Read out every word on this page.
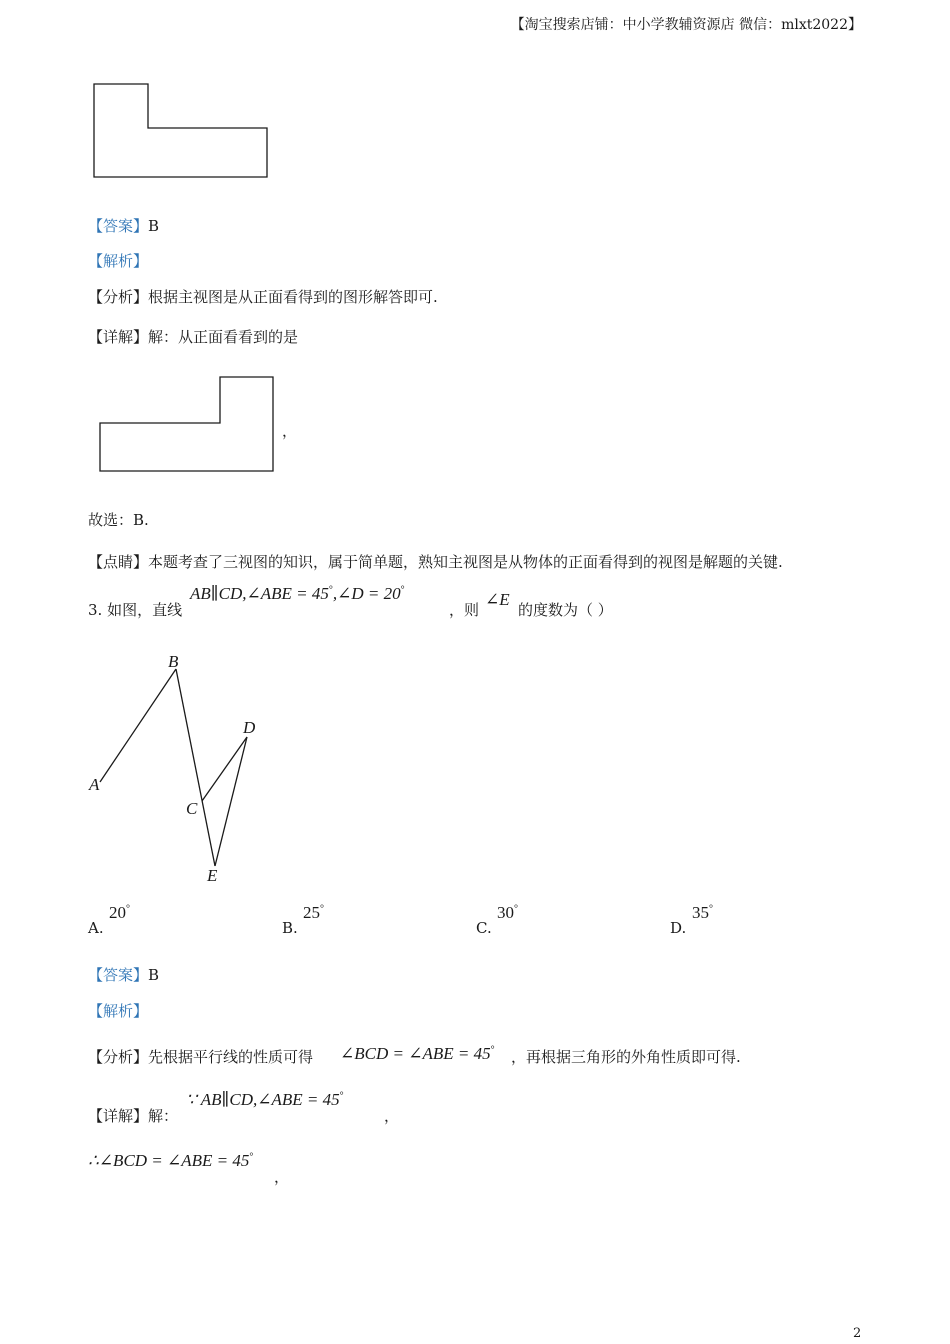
【淘宝搜索店铺：中小学教辅资源店 微信：mlxt2022】
【答案】B
【解析】
【分析】根据主视图是从正面看得到的图形解答即可.
【详解】解：从正面看看到的是
，
故选：B.
【点睛】本题考查了三视图的知识，属于简单题，熟知主视图是从物体的正面看得到的视图是解题的关键.
3. 如图，直线
AB∥CD,∠ABE = 45°,∠D = 20°
，则
∠E
的度数为（ ）
B
D
A
C
E
A.
20°
B.
25°
C.
30°
D.
35°
【答案】B
【解析】
【分析】先根据平行线的性质可得 ∠BCD = ∠ABE = 45° ，再根据三角形的外角性质即可得.
【详解】解：
∵ AB∥CD,∠ABE = 45°
，
∴∠BCD = ∠ABE = 45°
，
2
